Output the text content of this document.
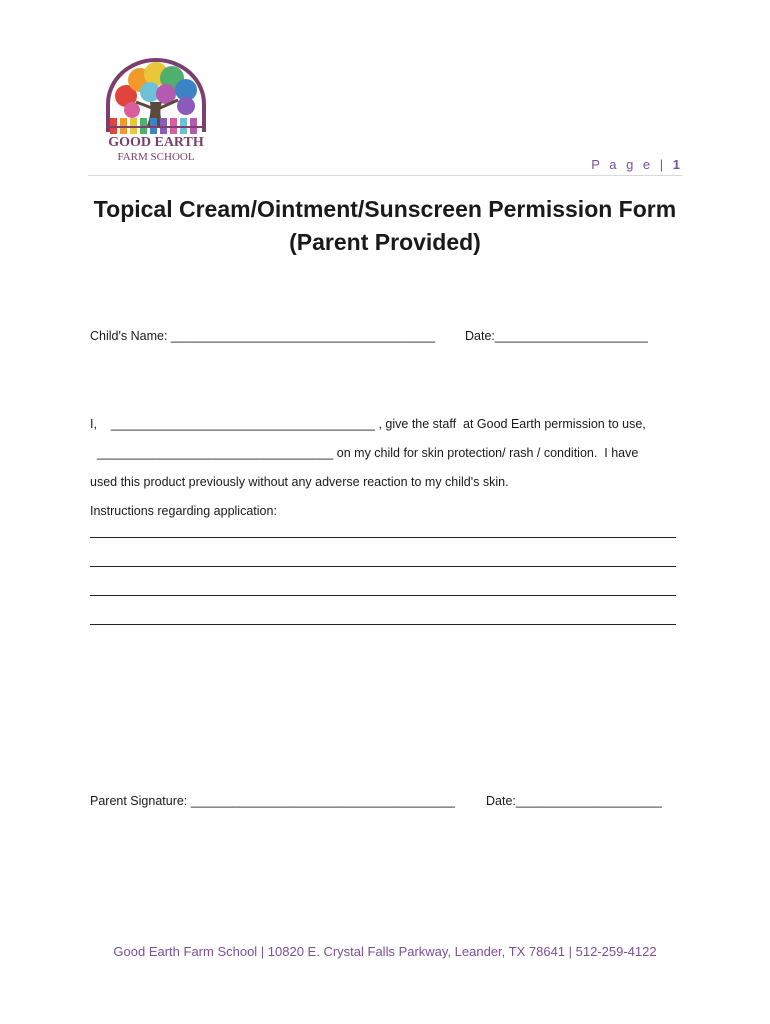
GOOD EARTH
FARM SCHOOL	P a g e | 1
Topical Cream/Ointment/Sunscreen Permission Form
(Parent Provided)
Child's Name: ______________________________________ Date:______________________
I,    ______________________________________ , give the staff  at Good Earth permission to use,
__________________________________ on my child for skin protection/ rash / condition.  I have
used this product previously without any adverse reaction to my child's skin.
Instructions regarding application:
Parent Signature: ______________________________________ Date:_____________________
Good Earth Farm School | 10820 E. Crystal Falls Parkway, Leander, TX 78641 | 512-259-4122
